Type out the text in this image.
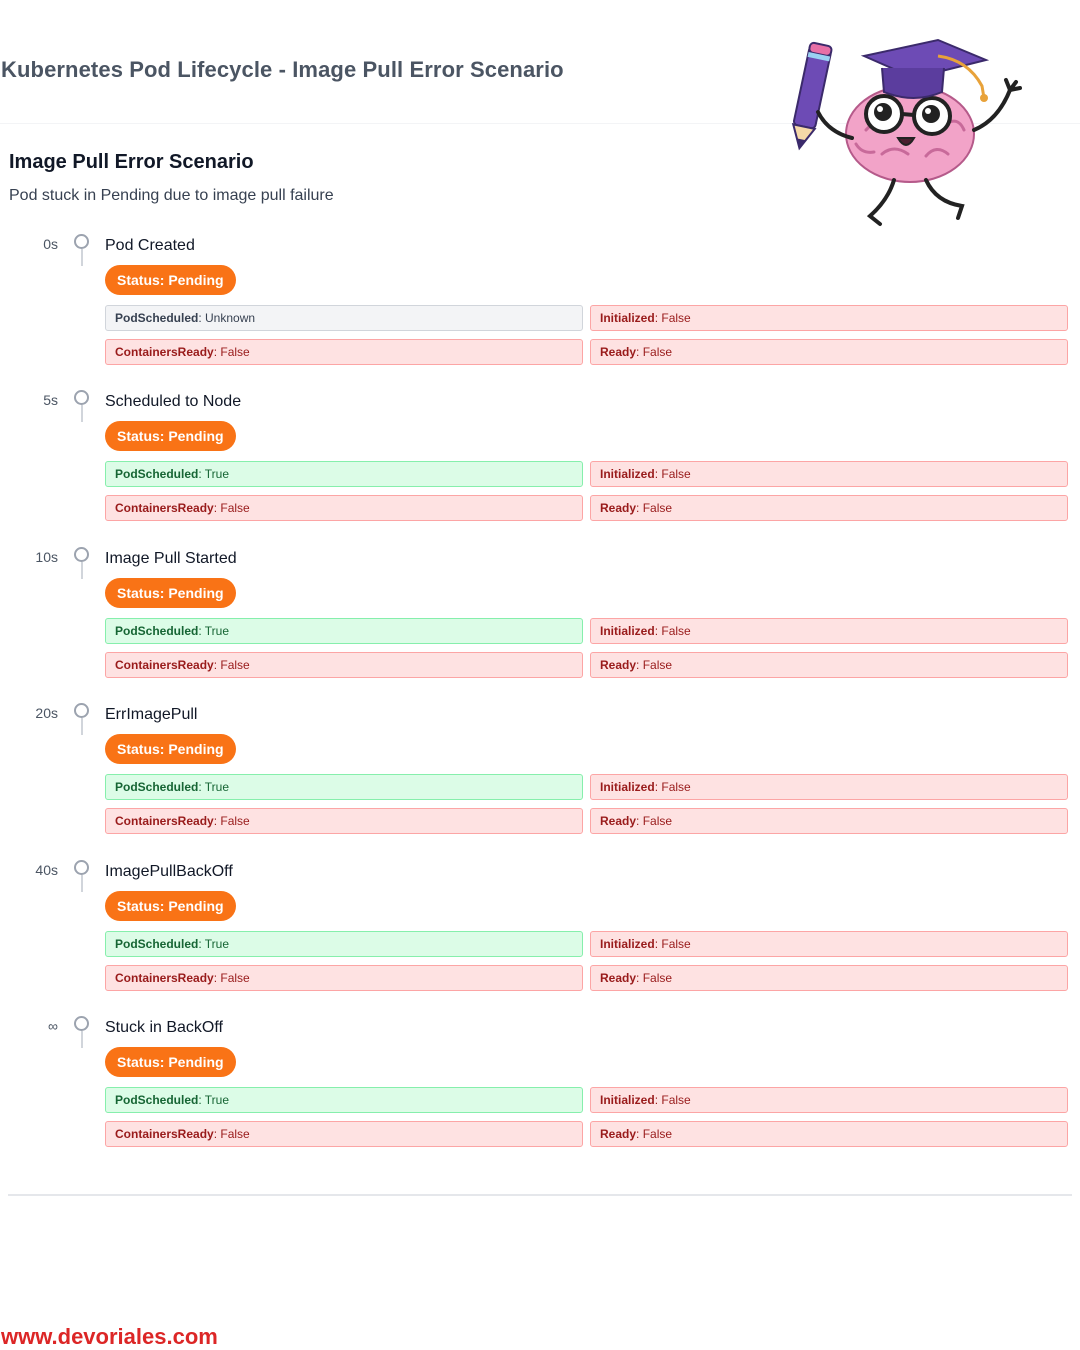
Kubernetes Pod Lifecycle - Image Pull Error Scenario
Image Pull Error Scenario
Pod stuck in Pending due to image pull failure
0s	Pod Created
Status: Pending
PodScheduled: Unknown	Initialized: False
ContainersReady: False	Ready: False
5s	Scheduled to Node
Status: Pending
PodScheduled: True	Initialized: False
ContainersReady: False	Ready: False
10s	Image Pull Started
Status: Pending
PodScheduled: True	Initialized: False
ContainersReady: False	Ready: False
20s	ErrImagePull
Status: Pending
PodScheduled: True	Initialized: False
ContainersReady: False	Ready: False
40s	ImagePullBackOff
Status: Pending
PodScheduled: True	Initialized: False
ContainersReady: False	Ready: False
∞	Stuck in BackOff
Status: Pending
PodScheduled: True	Initialized: False
ContainersReady: False	Ready: False
www.devoriales.com
